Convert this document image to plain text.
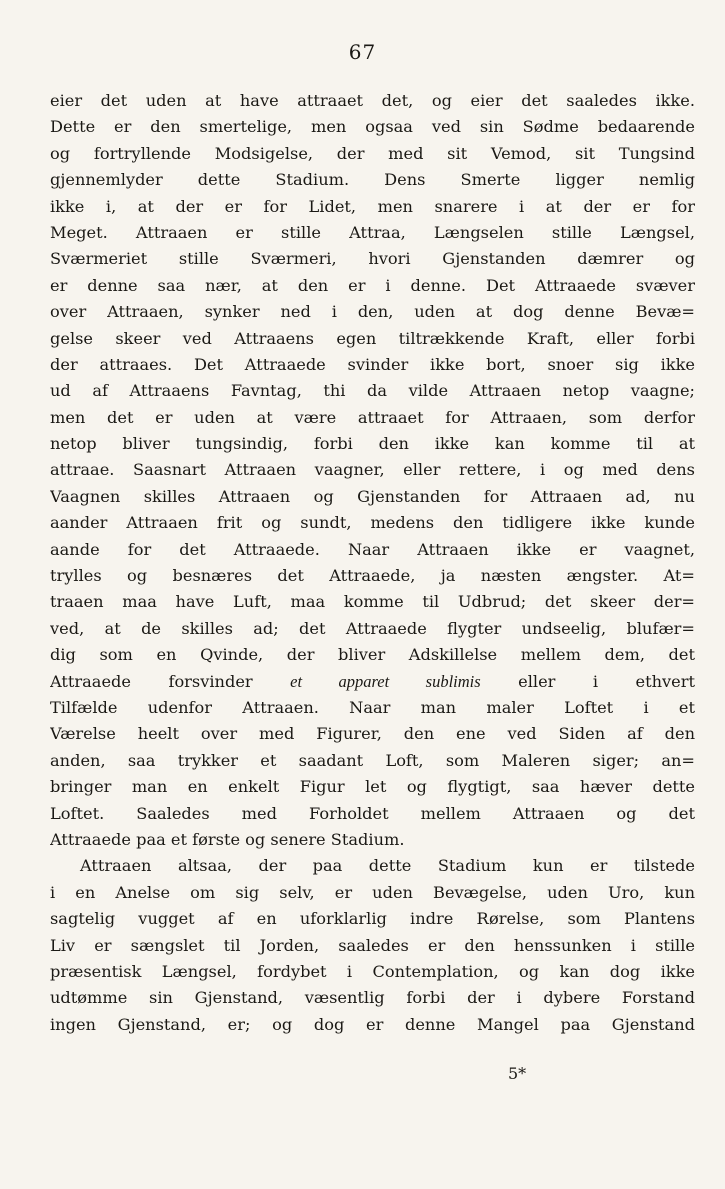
67
eier det uden at have attraaet det, og eier det saaledes ikke.
Dette er den smertelige, men ogsaa ved sin Sødme bedaarende
og fortryllende Modsigelse, der med sit Vemod, sit Tungsind
gjennemlyder dette Stadium. Dens Smerte ligger nemlig
ikke i, at der er for Lidet, men snarere i at der er for
Meget. Attraaen er stille Attraa, Længselen stille Længsel,
Sværmeriet stille Sværmeri, hvori Gjenstanden dæmrer og
er denne saa nær, at den er i denne. Det Attraaede svæver
over Attraaen, synker ned i den, uden at dog denne Bevæ=
gelse skeer ved Attraaens egen tiltrækkende Kraft, eller forbi
der attraaes. Det Attraaede svinder ikke bort, snoer sig ikke
ud af Attraaens Favntag, thi da vilde Attraaen netop vaagne;
men det er uden at være attraaet for Attraaen, som derfor
netop bliver tungsindig, forbi den ikke kan komme til at
attraae. Saasnart Attraaen vaagner, eller rettere, i og med dens
Vaagnen skilles Attraaen og Gjenstanden for Attraaen ad, nu
aander Attraaen frit og sundt, medens den tidligere ikke kunde
aande for det Attraaede. Naar Attraaen ikke er vaagnet,
trylles og besnæres det Attraaede, ja næsten ængster. At=
traaen maa have Luft, maa komme til Udbrud; det skeer der=
ved, at de skilles ad; det Attraaede flygter undseelig, blufær=
dig som en Qvinde, der bliver Adskillelse mellem dem, det
Attraaede forsvinder et apparet sublimis eller i ethvert
Tilfælde udenfor Attraaen. Naar man maler Loftet i et
Værelse heelt over med Figurer, den ene ved Siden af den
anden, saa trykker et saadant Loft, som Maleren siger; an=
bringer man en enkelt Figur let og flygtigt, saa hæver dette
Loftet. Saaledes med Forholdet mellem Attraaen og det
Attraaede paa et første og senere Stadium.
Attraaen altsaa, der paa dette Stadium kun er tilstede
i en Anelse om sig selv, er uden Bevægelse, uden Uro, kun
sagtelig vugget af en uforklarlig indre Rørelse, som Plantens
Liv er sængslet til Jorden, saaledes er den henssunken i stille
præsentisk Længsel, fordybet i Contemplation, og kan dog ikke
udtømme sin Gjenstand, væsentlig forbi der i dybere Forstand
ingen Gjenstand, er; og dog er denne Mangel paa Gjenstand
5*
